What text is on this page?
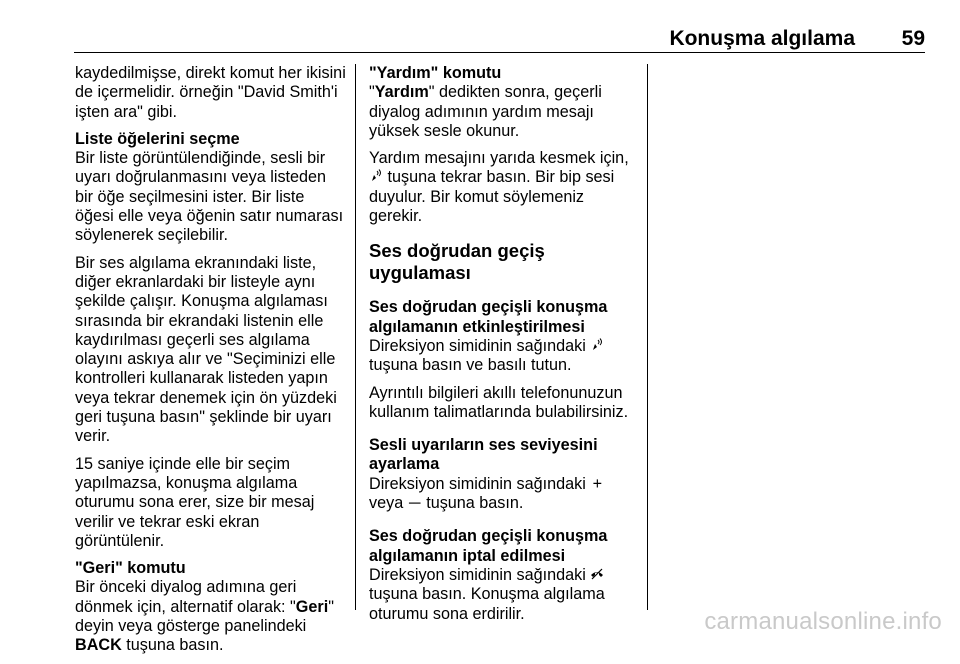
Konuşma algılama 59

kaydedilmişse, direkt komut her ikisini de içermelidir. örneğin "David Smith'i işten ara" gibi.

Liste öğelerini seçme

Bir liste görüntülendiğinde, sesli bir uyarı doğrulanmasını veya listeden bir öğe seçilmesini ister. Bir liste öğesi elle veya öğenin satır numarası söylenerek seçilebilir.

Bir ses algılama ekranındaki liste, diğer ekranlardaki bir listeyle aynı şekilde çalışır. Konuşma algılaması sırasında bir ekrandaki listenin elle kaydırılması geçerli ses algılama olayını askıya alır ve "Seçiminizi elle kontrolleri kullanarak listeden yapın veya tekrar denemek için ön yüzdeki geri tuşuna basın" şeklinde bir uyarı verir.

15 saniye içinde elle bir seçim yapılmazsa, konuşma algılama oturumu sona erer, size bir mesaj verilir ve tekrar eski ekran görüntülenir.

"Geri" komutu

Bir önceki diyalog adımına geri dönmek için, alternatif olarak: "Geri" deyin veya gösterge panelindeki BACK tuşuna basın.

"Yardım" komutu

"Yardım" dedikten sonra, geçerli diyalog adımının yardım mesajı yüksek sesle okunur.

Yardım mesajını yarıda kesmek için,  tuşuna tekrar basın. Bir bip sesi duyulur. Bir komut söylemeniz gerekir.

Ses doğrudan geçiş uygulaması
Ses doğrudan geçişli konuşma algılamanın etkinleştirilmesi

Direksiyon simidinin sağındaki
tuşuna basın ve basılı tutun.

Ayrıntılı bilgileri akıllı telefonunuzun kullanım talimatlarında bulabilirsiniz.

Sesli uyarıların ses seviyesini ayarlama

Direksiyon simidinin sağındaki +
veya ─ tuşuna basın.

Ses doğrudan geçişli konuşma algılamanın iptal edilmesi

Direksiyon simidinin sağındaki
tuşuna basın. Konuşma algılama oturumu sona erdirilir.	carmanualsonline.info
